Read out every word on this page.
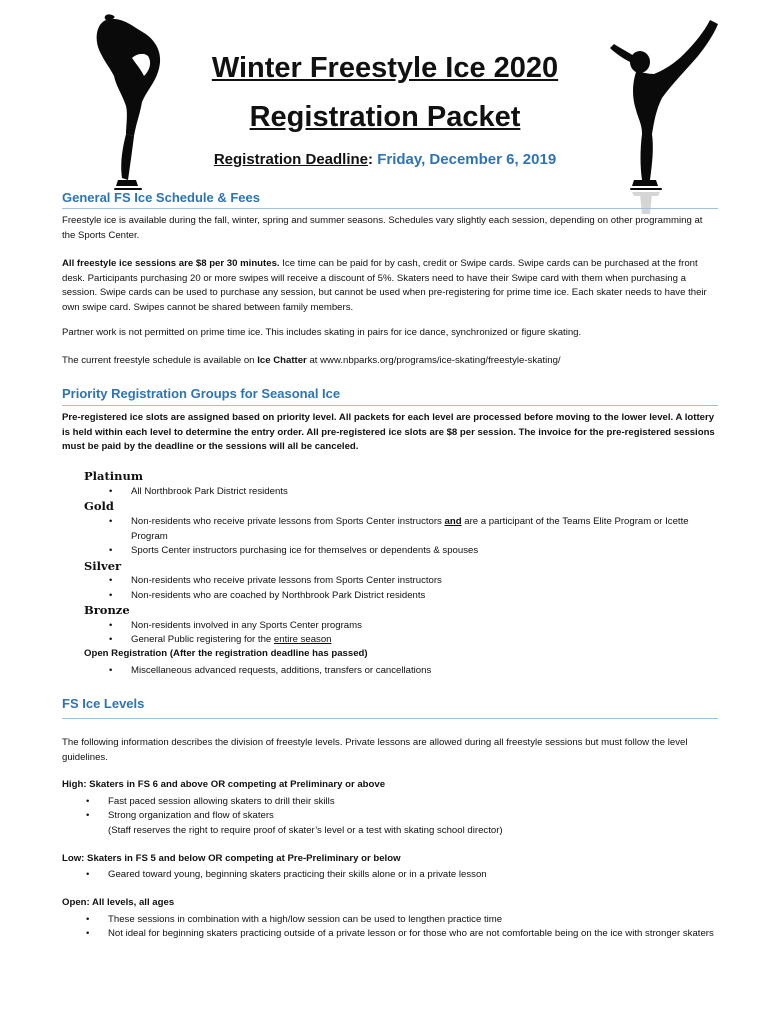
Winter Freestyle Ice 2020
Registration Packet
Registration Deadline: Friday, December 6, 2019
General FS Ice Schedule & Fees
Freestyle ice is available during the fall, winter, spring and summer seasons. Schedules vary slightly each session, depending on other programming at the Sports Center.
All freestyle ice sessions are $8 per 30 minutes. Ice time can be paid for by cash, credit or Swipe cards. Swipe cards can be purchased at the front desk. Participants purchasing 20 or more swipes will receive a discount of 5%. Skaters need to have their Swipe card with them when purchasing a session. Swipe cards can be used to purchase any session, but cannot be used when pre-registering for prime time ice. Each skater needs to have their own swipe card. Swipes cannot be shared between family members.
Partner work is not permitted on prime time ice. This includes skating in pairs for ice dance, synchronized or figure skating.
The current freestyle schedule is available on Ice Chatter at www.nbparks.org/programs/ice-skating/freestyle-skating/
Priority Registration Groups for Seasonal Ice
Pre-registered ice slots are assigned based on priority level. All packets for each level are processed before moving to the lower level. A lottery is held within each level to determine the entry order. All pre-registered ice slots are $8 per session. The invoice for the pre-registered sessions must be paid by the deadline or the sessions will all be canceled.
Platinum
• All Northbrook Park District residents
Gold
• Non-residents who receive private lessons from Sports Center instructors and are a participant of the Teams Elite Program or Icette Program
• Sports Center instructors purchasing ice for themselves or dependents & spouses
Silver
• Non-residents who receive private lessons from Sports Center instructors
• Non-residents who are coached by Northbrook Park District residents
Bronze
• Non-residents involved in any Sports Center programs
• General Public registering for the entire season
Open Registration (After the registration deadline has passed)
• Miscellaneous advanced requests, additions, transfers or cancellations
FS Ice Levels
The following information describes the division of freestyle levels. Private lessons are allowed during all freestyle sessions but must follow the level guidelines.
High: Skaters in FS 6 and above OR competing at Preliminary or above
• Fast paced session allowing skaters to drill their skills
• Strong organization and flow of skaters
(Staff reserves the right to require proof of skater’s level or a test with skating school director)
Low: Skaters in FS 5 and below OR competing at Pre-Preliminary or below
• Geared toward young, beginning skaters practicing their skills alone or in a private lesson
Open: All levels, all ages
• These sessions in combination with a high/low session can be used to lengthen practice time
• Not ideal for beginning skaters practicing outside of a private lesson or for those who are not comfortable being on the ice with stronger skaters
